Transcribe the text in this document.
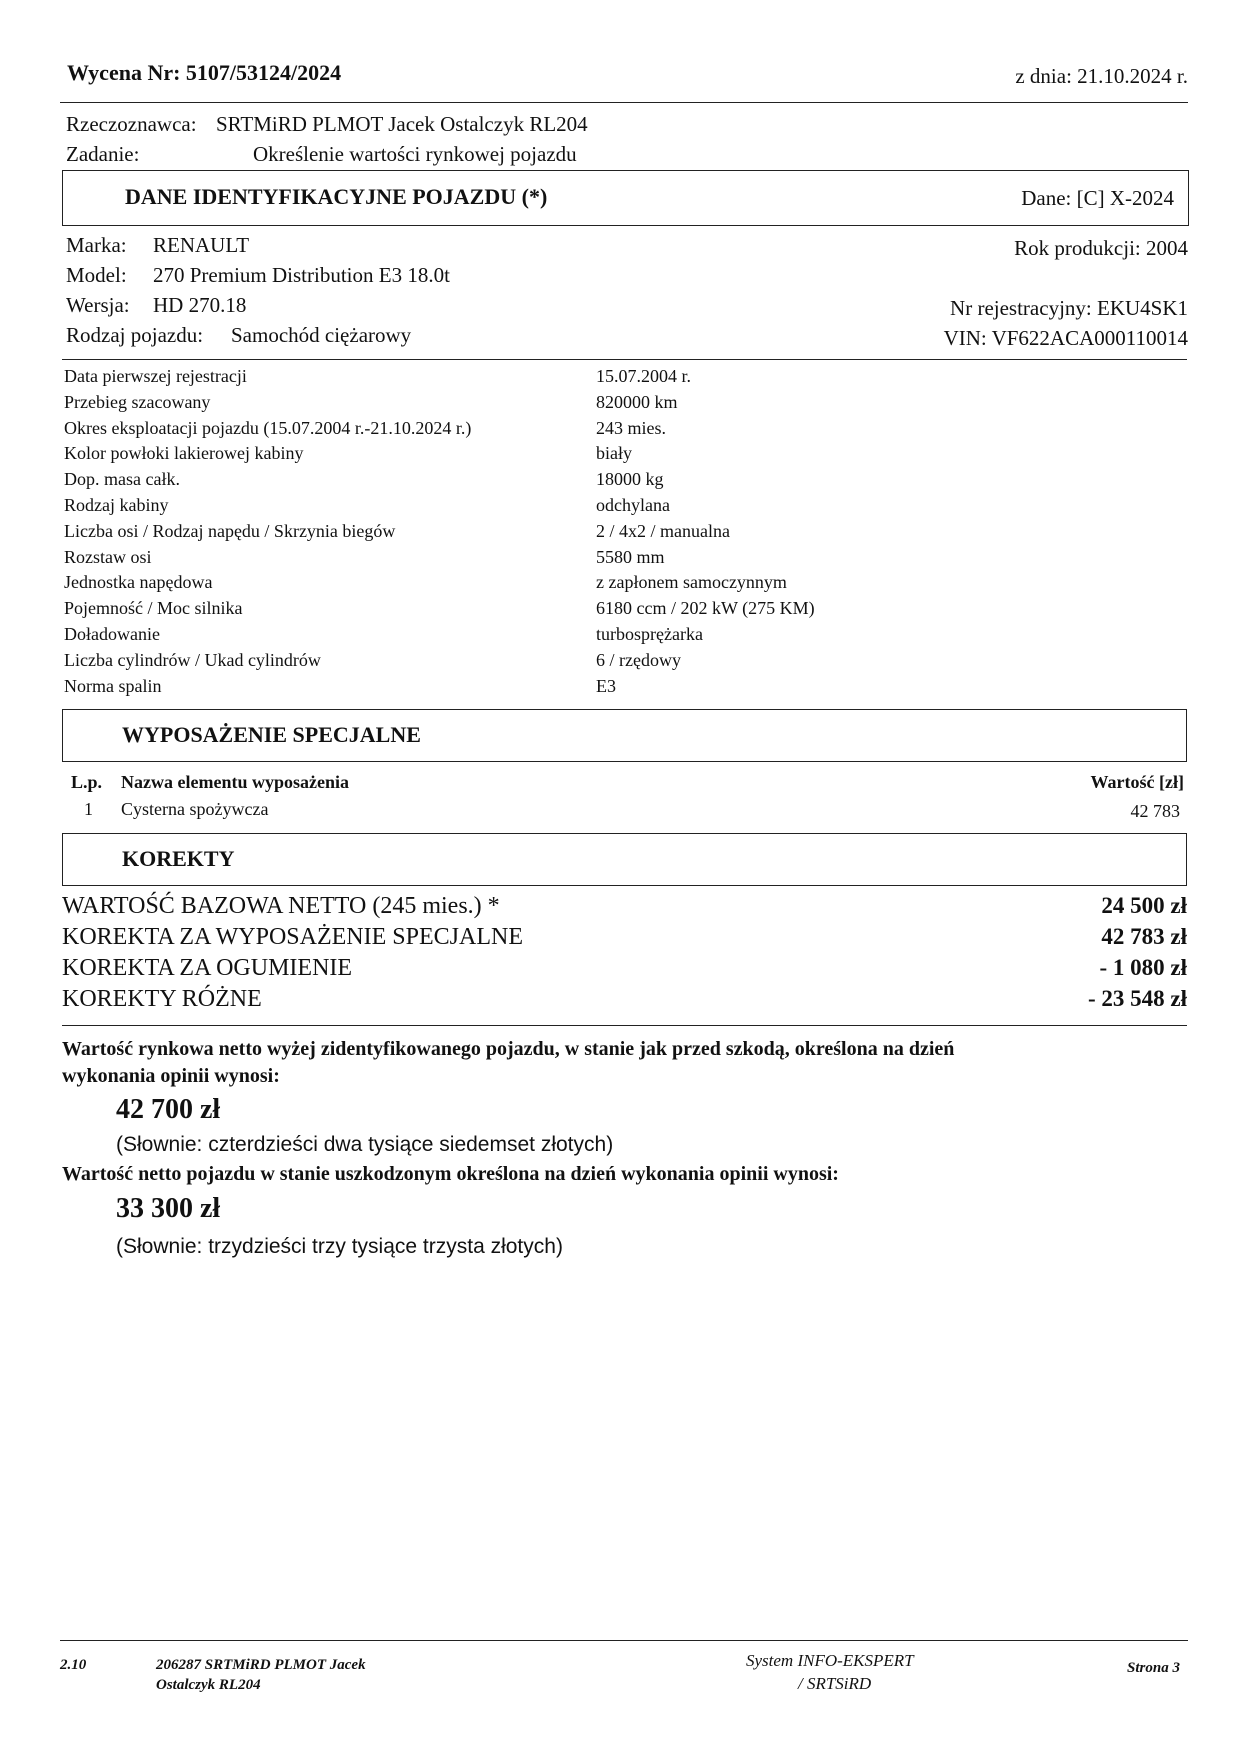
Wycena Nr: 5107/53124/2024	z dnia: 21.10.2024 r.
Rzeczoznawca: SRTMiRD PLMOT Jacek Ostalczyk RL204
Zadanie:	Określenie wartości rynkowej pojazdu
DANE IDENTYFIKACYJNE POJAZDU (*)	Dane: [C] X-2024
Marka: RENAULT
Model: 270 Premium Distribution E3 18.0t
Wersja: HD 270.18
Rodzaj pojazdu: Samochód ciężarowy
Rok produkcji: 2004
Nr rejestracyjny: EKU4SK1
VIN: VF622ACA000110014
Data pierwszej rejestracji	15.07.2004 r.
Przebieg szacowany	820000 km
Okres eksploatacji pojazdu (15.07.2004 r.-21.10.2024 r.)	243 mies.
Kolor powłoki lakierowej kabiny	biały
Dop. masa całk.	18000 kg
Rodzaj kabiny	odchylana
Liczba osi / Rodzaj napędu / Skrzynia biegów	2 / 4x2 / manualna
Rozstaw osi	5580 mm
Jednostka napędowa	z zapłonem samoczynnym
Pojemność / Moc silnika	6180 ccm / 202 kW (275 KM)
Doładowanie	turbosprężarka
Liczba cylindrów / Ukad cylindrów	6 / rzędowy
Norma spalin	E3
WYPOSAŻENIE SPECJALNE
L.p. Nazwa elementu wyposażenia	Wartość [zł]
1 Cysterna spożywcza	42 783
KOREKTY
WARTOŚĆ BAZOWA NETTO (245 mies.) *	24 500 zł
KOREKTA ZA WYPOSAŻENIE SPECJALNE	42 783 zł
KOREKTA ZA OGUMIENIE	- 1 080 zł
KOREKTY RÓŻNE	- 23 548 zł
Wartość rynkowa netto wyżej zidentyfikowanego pojazdu, w stanie jak przed szkodą, określona na dzień
wykonania opinii wynosi:
42 700 zł
(Słownie: czterdzieści dwa tysiące siedemset złotych)
Wartość netto pojazdu w stanie uszkodzonym określona na dzień wykonania opinii wynosi:
33 300 zł
(Słownie: trzydzieści trzy tysiące trzysta złotych)
2.10	206287 SRTMiRD PLMOT Jacek
Ostalczyk RL204
System INFO-EKSPERT
/ SRTSiRD
Strona 3
